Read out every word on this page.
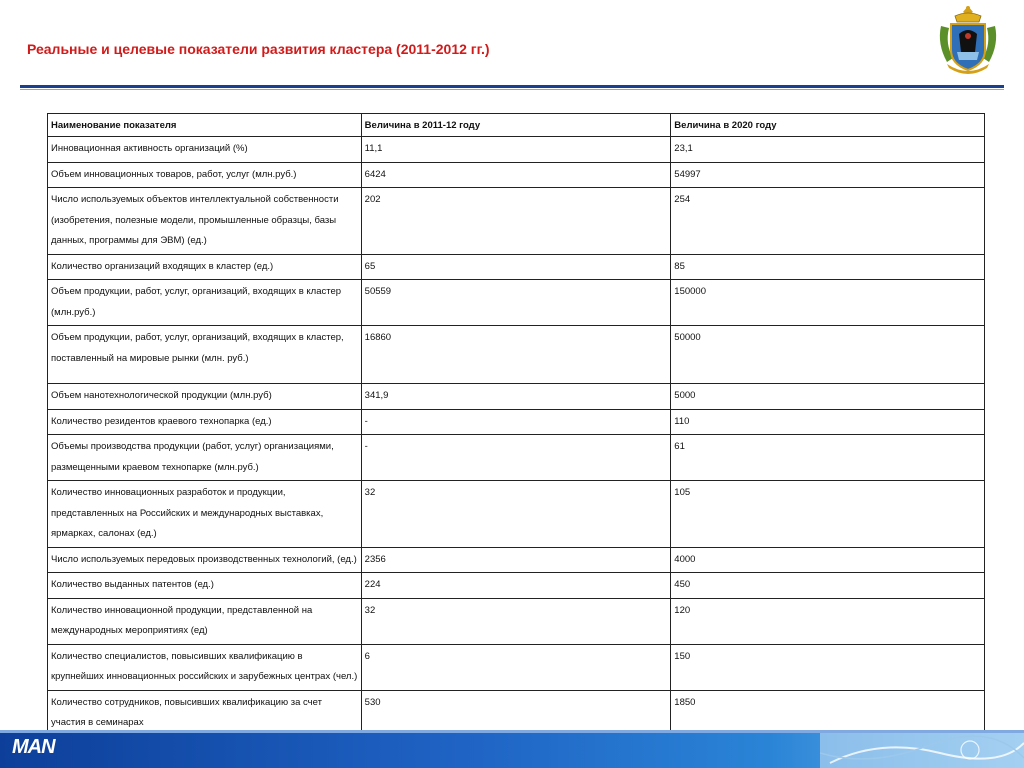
Реальные и целевые показатели развития кластера (2011-2012 гг.)
Наименование показателя	Величина в 2011-12 году	Величина в 2020 году
Инновационная активность организаций (%)	11,1	23,1
Объем инновационных товаров, работ, услуг (млн.руб.)	6424	54997
Число используемых объектов интеллектуальной собственности (изобретения, полезные модели, промышленные образцы, базы данных, программы для ЭВМ) (ед.)	202	254
Количество организаций входящих в кластер (ед.)	65	85
Объем продукции, работ, услуг, организаций, входящих в кластер (млн.руб.)	50559	150000
Объем продукции, работ, услуг, организаций, входящих в кластер, поставленный на мировые рынки (млн. руб.)	16860	50000
Объем нанотехнологической продукции (млн.руб)	341,9	5000
Количество резидентов краевого технопарка (ед.)	-	110
Объемы производства продукции (работ, услуг) организациями, размещенными краевом технопарке (млн.руб.)	-	61
Количество инновационных разработок и продукции, представленных на Российских и международных выставках, ярмарках, салонах (ед.)	32	105
Число используемых передовых производственных технологий, (ед.)	2356	4000
Количество выданных патентов (ед.)	224	450
Количество инновационной продукции, представленной на международных мероприятиях (ед)	32	120
Количество специалистов, повысивших квалификацию в крупнейших инновационных российских и зарубежных центрах (чел.)	6	150
Количество сотрудников, повысивших квалификацию за счет участия в семинарах	530	1850
MAN
